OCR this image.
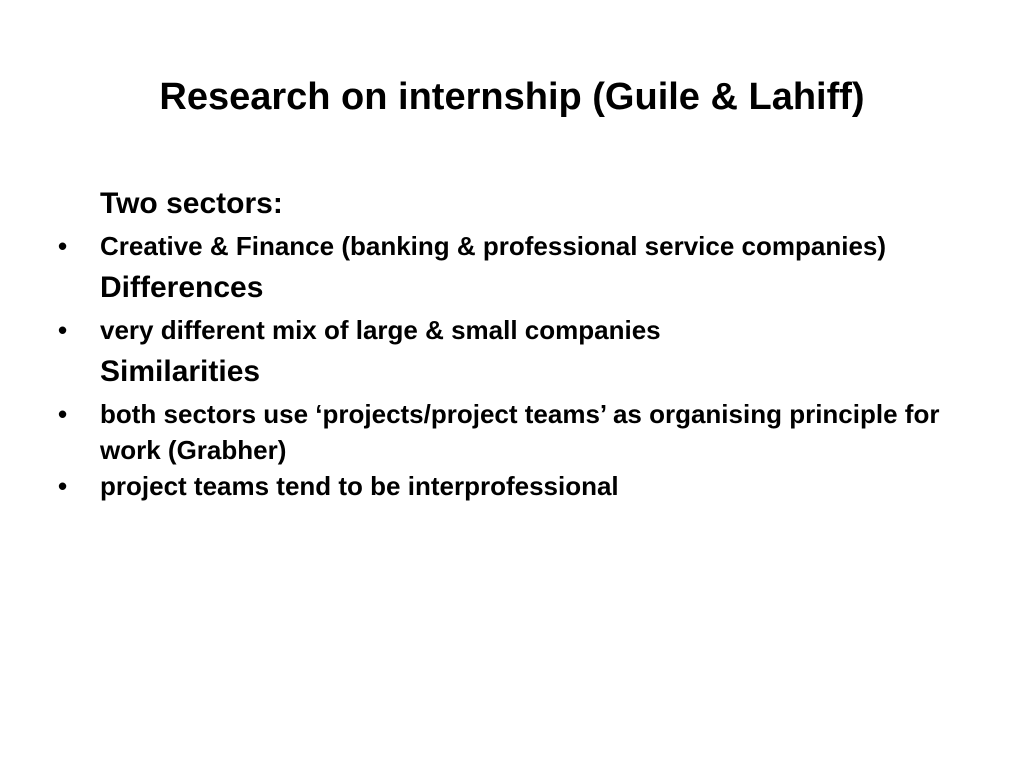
Research on internship (Guile & Lahiff)
Two sectors:
•	Creative & Finance (banking & professional service companies)
Differences
•	very different mix of large & small companies
Similarities
•	both sectors use ‘projects/project teams’ as organising principle for work (Grabher)
•	project teams tend to be interprofessional
